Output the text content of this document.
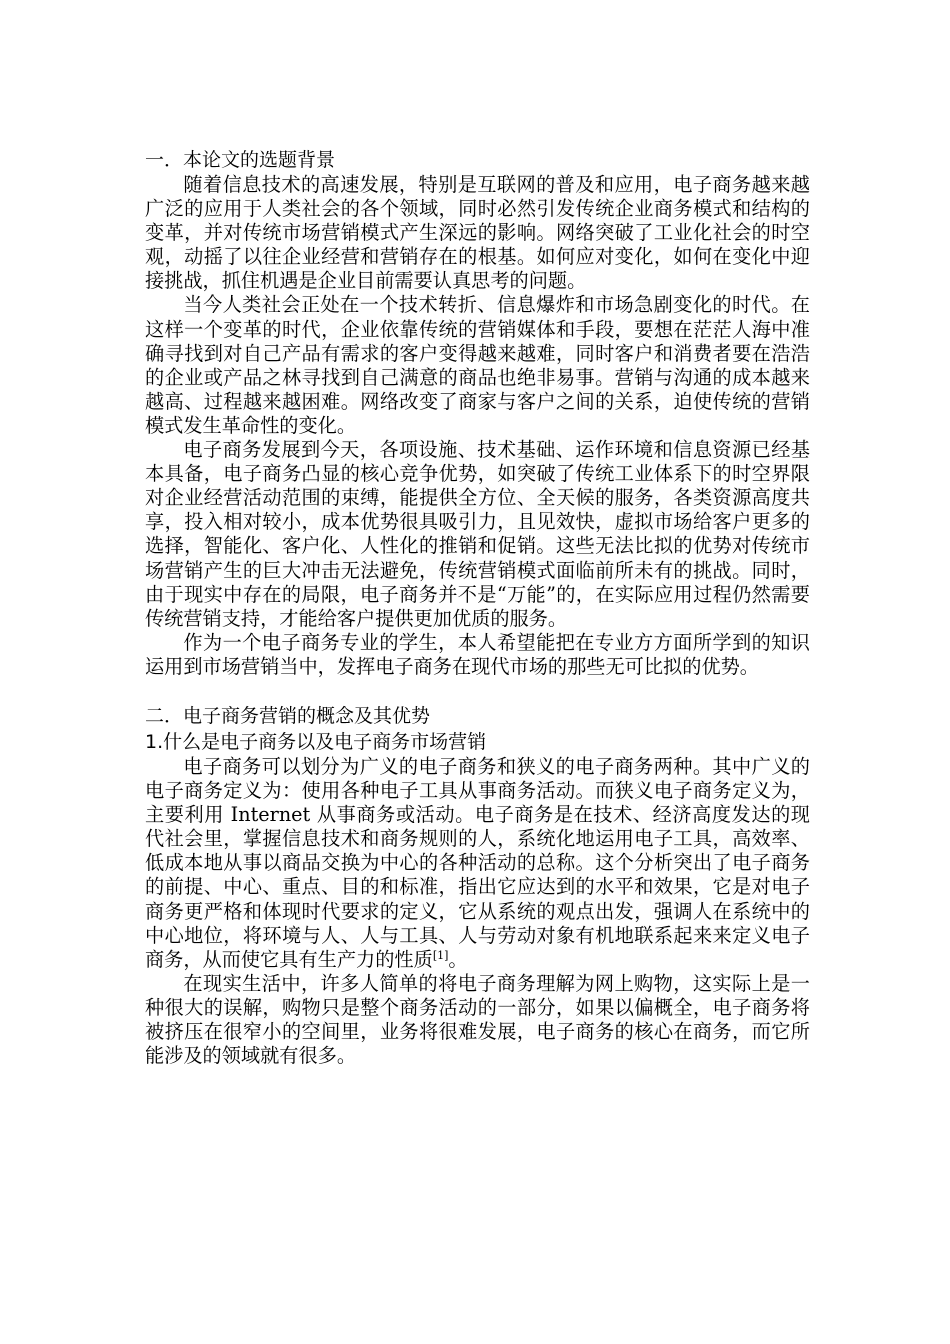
一．本论文的选题背景

随着信息技术的高速发展，特别是互联网的普及和应用，电子商务越来越广泛的应用于人类社会的各个领域，同时必然引发传统企业商务模式和结构的变革，并对传统市场营销模式产生深远的影响。网络突破了工业化社会的时空观，动摇了以往企业经营和营销存在的根基。如何应对变化，如何在变化中迎接挑战，抓住机遇是企业目前需要认真思考的问题。

当今人类社会正处在一个技术转折、信息爆炸和市场急剧变化的时代。在这样一个变革的时代，企业依靠传统的营销媒体和手段，要想在茫茫人海中准确寻找到对自己产品有需求的客户变得越来越难，同时客户和消费者要在浩浩的企业或产品之林寻找到自己满意的商品也绝非易事。营销与沟通的成本越来越高、过程越来越困难。网络改变了商家与客户之间的关系，迫使传统的营销模式发生革命性的变化。

电子商务发展到今天，各项设施、技术基础、运作环境和信息资源已经基本具备，电子商务凸显的核心竞争优势，如突破了传统工业体系下的时空界限对企业经营活动范围的束缚，能提供全方位、全天候的服务，各类资源高度共享，投入相对较小，成本优势很具吸引力，且见效快，虚拟市场给客户更多的选择，智能化、客户化、人性化的推销和促销。这些无法比拟的优势对传统市场营销产生的巨大冲击无法避免，传统营销模式面临前所未有的挑战。同时，由于现实中存在的局限，电子商务并不是“万能”的，在实际应用过程仍然需要传统营销支持，才能给客户提供更加优质的服务。

作为一个电子商务专业的学生，本人希望能把在专业方方面所学到的知识运用到市场营销当中，发挥电子商务在现代市场的那些无可比拟的优势。

二．电子商务营销的概念及其优势
1.什么是电子商务以及电子商务市场营销

电子商务可以划分为广义的电子商务和狭义的电子商务两种。其中广义的电子商务定义为：使用各种电子工具从事商务活动。而狭义电子商务定义为，主要利用 Internet 从事商务或活动。电子商务是在技术、经济高度发达的现代社会里，掌握信息技术和商务规则的人，系统化地运用电子工具，高效率、低成本地从事以商品交换为中心的各种活动的总称。这个分析突出了电子商务的前提、中心、重点、目的和标准，指出它应达到的水平和效果，它是对电子商务更严格和体现时代要求的定义，它从系统的观点出发，强调人在系统中的中心地位，将环境与人、人与工具、人与劳动对象有机地联系起来来定义电子商务，从而使它具有生产力的性质[1]。

在现实生活中，许多人简单的将电子商务理解为网上购物，这实际上是一种很大的误解，购物只是整个商务活动的一部分，如果以偏概全，电子商务将被挤压在很窄小的空间里，业务将很难发展，电子商务的核心在商务，而它所能涉及的领域就有很多。
